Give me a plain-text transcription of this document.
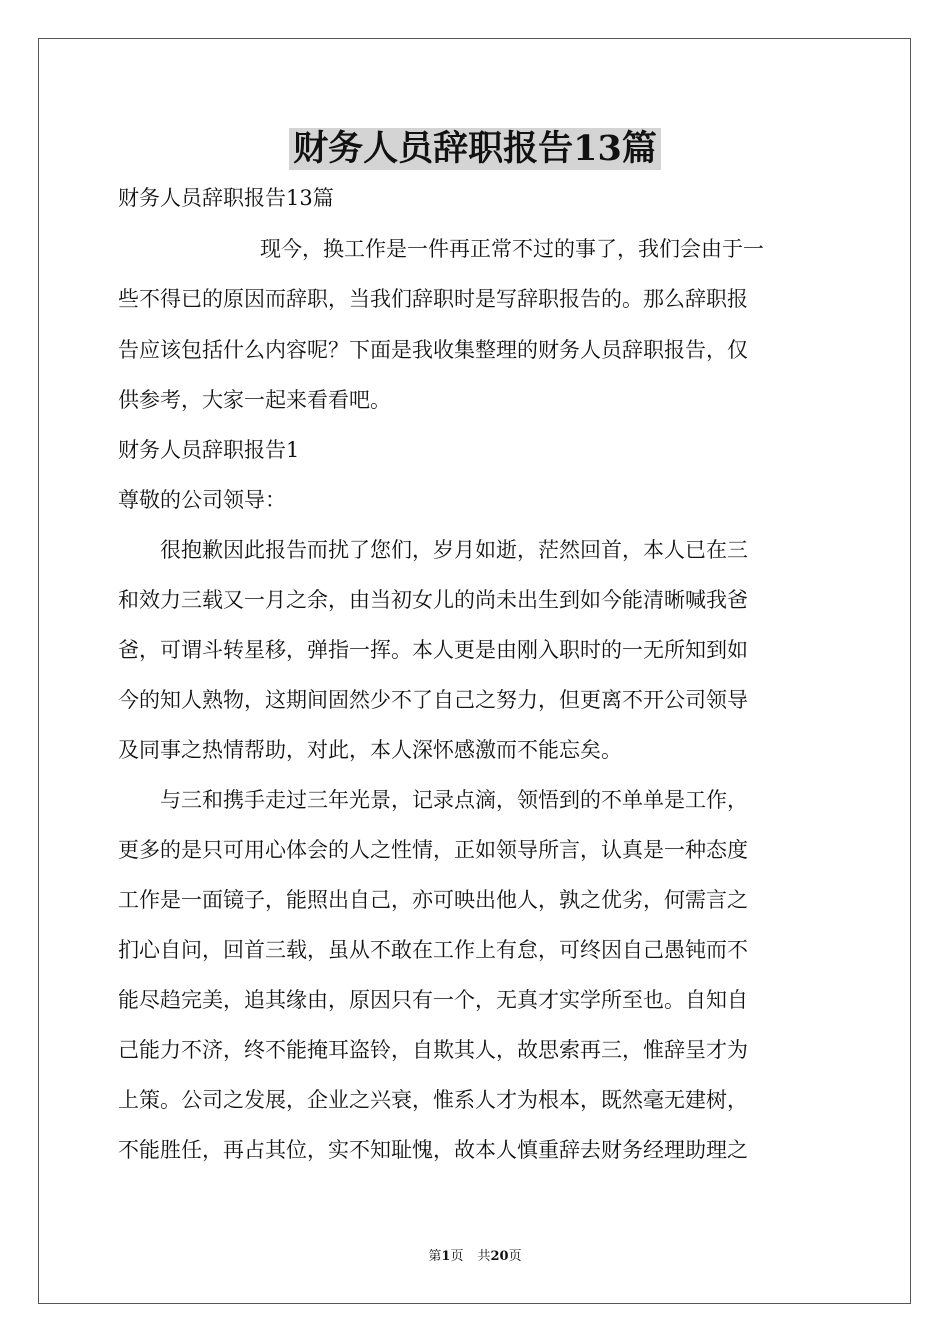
财务人员辞职报告13篇
财务人员辞职报告13篇
现今，换工作是一件再正常不过的事了，我们会由于一
些不得已的原因而辞职，当我们辞职时是写辞职报告的。那么辞职报
告应该包括什么内容呢？下面是我收集整理的财务人员辞职报告，仅
供参考，大家一起来看看吧。
财务人员辞职报告1
尊敬的公司领导：
很抱歉因此报告而扰了您们，岁月如逝，茫然回首，本人已在三
和效力三载又一月之余，由当初女儿的尚未出生到如今能清晰喊我爸
爸，可谓斗转星移，弹指一挥。本人更是由刚入职时的一无所知到如
今的知人熟物，这期间固然少不了自己之努力，但更离不开公司领导
及同事之热情帮助，对此，本人深怀感激而不能忘矣。
与三和携手走过三年光景，记录点滴，领悟到的不单单是工作，
更多的是只可用心体会的人之性情，正如领导所言，认真是一种态度
工作是一面镜子，能照出自己，亦可映出他人，孰之优劣，何需言之
扪心自问，回首三载，虽从不敢在工作上有怠，可终因自己愚钝而不
能尽趋完美，追其缘由，原因只有一个，无真才实学所至也。自知自
己能力不济，终不能掩耳盗铃，自欺其人，故思索再三，惟辞呈才为
上策。公司之发展，企业之兴衰，惟系人才为根本，既然毫无建树，
不能胜任，再占其位，实不知耻愧，故本人慎重辞去财务经理助理之
第1页 共20页
